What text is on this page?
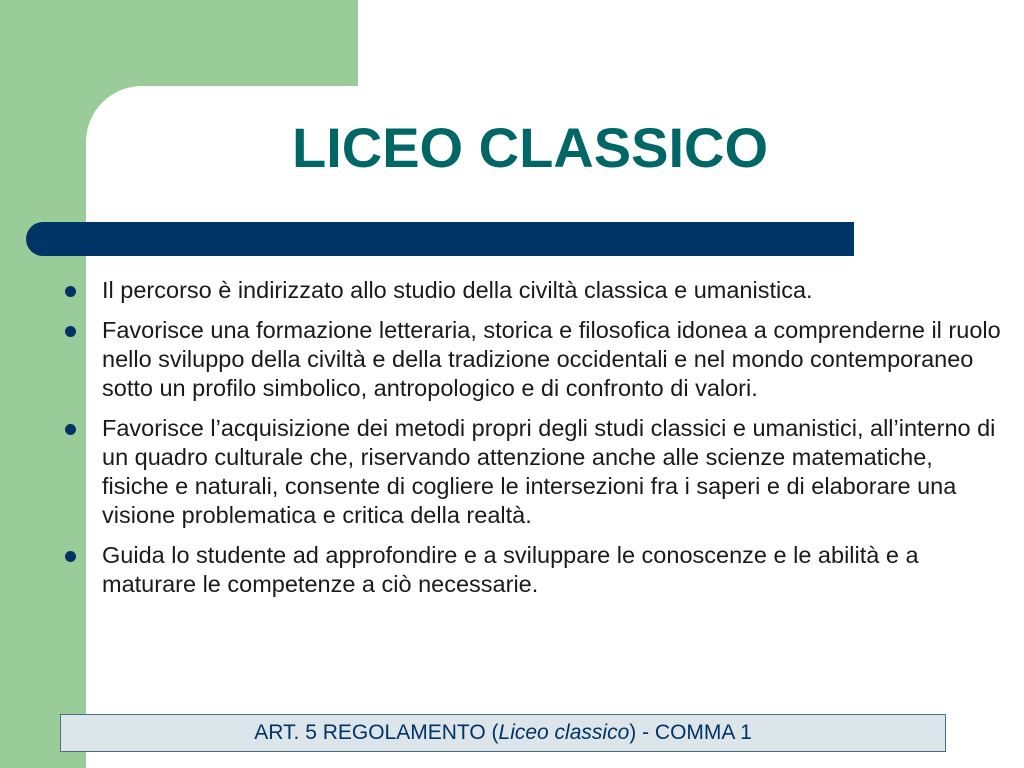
LICEO CLASSICO
Il percorso è indirizzato allo studio della civiltà classica e umanistica.
Favorisce una formazione letteraria, storica e filosofica idonea a comprenderne il ruolo nello sviluppo della civiltà e della tradizione occidentali e nel mondo contemporaneo sotto un profilo simbolico, antropologico e di confronto di valori.
Favorisce l’acquisizione dei metodi propri degli studi classici e umanistici, all’interno di un quadro culturale che, riservando attenzione anche alle scienze matematiche, fisiche e naturali, consente di cogliere le intersezioni fra i saperi e di elaborare una visione problematica e critica della realtà.
Guida lo studente ad approfondire e a sviluppare le conoscenze e le abilità e a maturare le competenze a ciò necessarie.
ART. 5 REGOLAMENTO ( Liceo classico ) - COMMA 1
